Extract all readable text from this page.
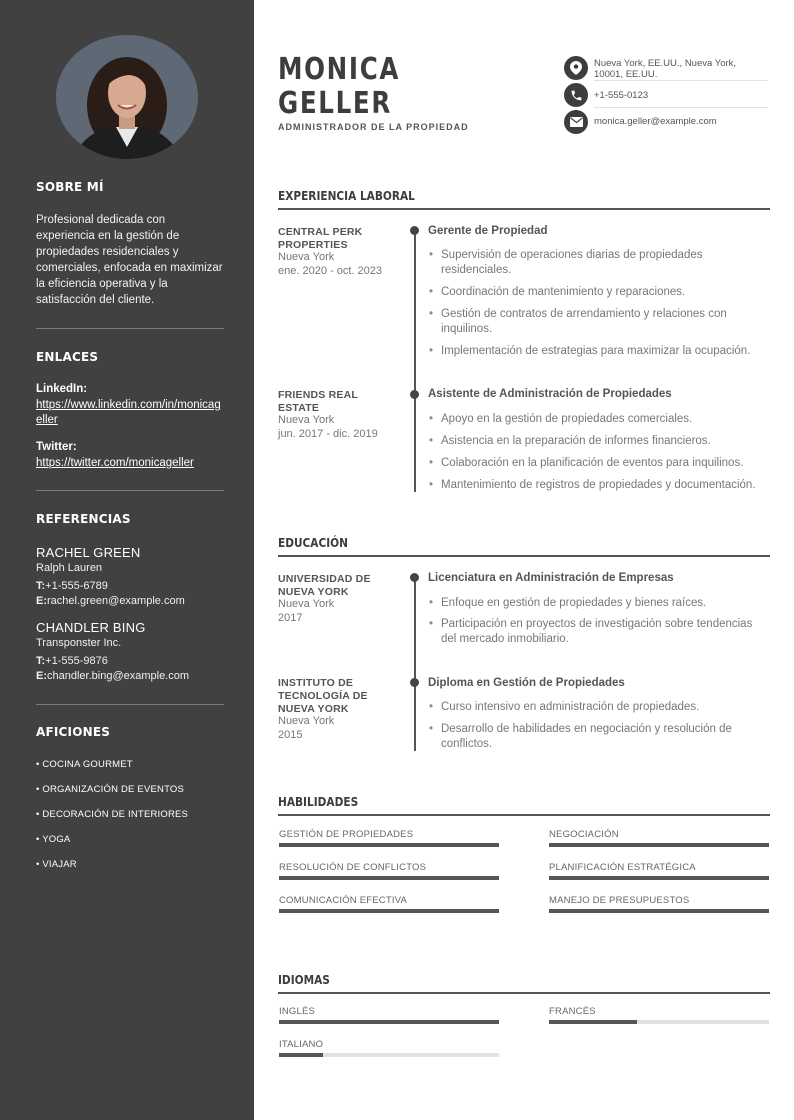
SOBRE MÍ
Profesional dedicada con experiencia en la gestión de propiedades residenciales y comerciales, enfocada en maximizar la eficiencia operativa y la satisfacción del cliente.
ENLACES
LinkedIn:
https://www.linkedin.com/in/monicageller
Twitter:
https://twitter.com/monicageller
REFERENCIAS
RACHEL GREEN
Ralph Lauren
T:+1-555-6789
E:rachel.green@example.com
CHANDLER BING
Transponster Inc.
T:+1-555-9876
E:chandler.bing@example.com
AFICIONES
• COCINA GOURMET
• ORGANIZACIÓN DE EVENTOS
• DECORACIÓN DE INTERIORES
• YOGA
• VIAJAR
MONICA
GELLER
ADMINISTRADOR DE LA PROPIEDAD
Nueva York, EE.UU., Nueva York, 10001, EE.UU.
+1-555-0123
monica.geller@example.com
EXPERIENCIA LABORAL
CENTRAL PERK PROPERTIES
Nueva York
ene. 2020 - oct. 2023
Gerente de Propiedad
• Supervisión de operaciones diarias de propiedades residenciales.
• Coordinación de mantenimiento y reparaciones.
• Gestión de contratos de arrendamiento y relaciones con inquilinos.
• Implementación de estrategias para maximizar la ocupación.
FRIENDS REAL ESTATE
Nueva York
jun. 2017 - dic. 2019
Asistente de Administración de Propiedades
• Apoyo en la gestión de propiedades comerciales.
• Asistencia en la preparación de informes financieros.
• Colaboración en la planificación de eventos para inquilinos.
• Mantenimiento de registros de propiedades y documentación.
EDUCACIÓN
UNIVERSIDAD DE NUEVA YORK
Nueva York
2017
Licenciatura en Administración de Empresas
• Enfoque en gestión de propiedades y bienes raíces.
• Participación en proyectos de investigación sobre tendencias del mercado inmobiliario.
INSTITUTO DE TECNOLOGÍA DE NUEVA YORK
Nueva York
2015
Diploma en Gestión de Propiedades
• Curso intensivo en administración de propiedades.
• Desarrollo de habilidades en negociación y resolución de conflictos.
HABILIDADES
GESTIÓN DE PROPIEDADES	NEGOCIACIÓN
RESOLUCIÓN DE CONFLICTOS	PLANIFICACIÓN ESTRATÉGICA
COMUNICACIÓN EFECTIVA	MANEJO DE PRESUPUESTOS
IDIOMAS
INGLÉS	FRANCÉS
ITALIANO
